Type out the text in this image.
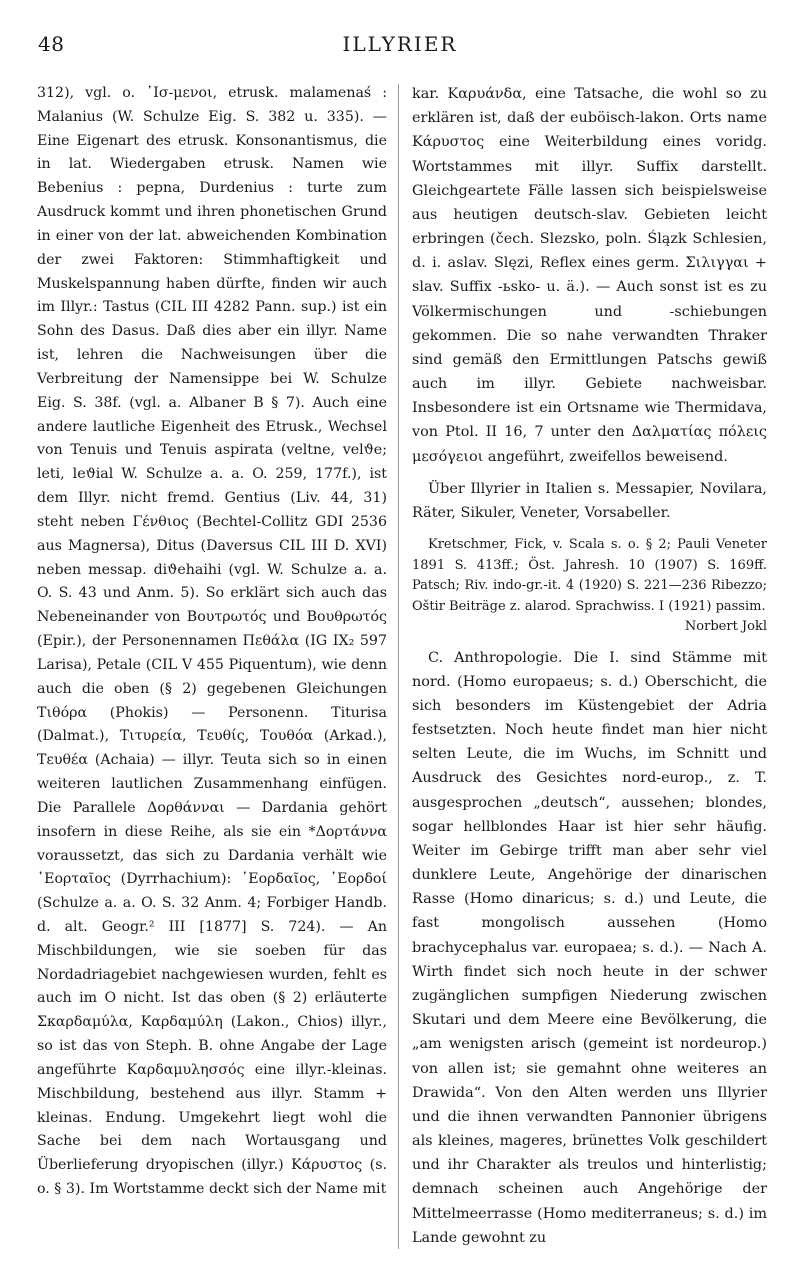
48	ILLYRIER

312), vgl. o. ᾽Ισ-μενοι, etrusk. malamenaś : Malanius (W. Schulze Eig. S. 382 u. 335). — Eine Eigenart des etrusk. Konsonantismus, die in lat. Wiedergaben etrusk. Namen wie Bebenius : pepna, Durdenius : turte zum Ausdruck kommt und ihren phonetischen Grund in einer von der lat. abweichenden Kombination der zwei Faktoren: Stimmhaftigkeit und Muskelspannung haben dürfte, finden wir auch im Illyr.: Tastus (CIL III 4282 Pann. sup.) ist ein Sohn des Dasus. Daß dies aber ein illyr. Name ist, lehren die Nachweisungen über die Verbreitung der Namensippe bei W. Schulze Eig. S. 38f. (vgl. a. Albaner B § 7). Auch eine andere lautliche Eigenheit des Etrusk., Wechsel von Tenuis und Tenuis aspirata (veltne, velϑe; leti, leϑial W. Schulze a. a. O. 259, 177f.), ist dem Illyr. nicht fremd. Gentius (Liv. 44, 31) steht neben Γένθιος (Bechtel-Collitz GDI 2536 aus Magnersa), Ditus (Daversus CIL III D. XVI) neben messap. diϑehaihi (vgl. W. Schulze a. a. O. S. 43 und Anm. 5). So erklärt sich auch das Nebeneinander von Βουτρωτός und Βουθρωτός (Epir.), der Personennamen Πεθάλα (IG IX₂ 597 Larisa), Petale (CIL V 455 Piquentum), wie denn auch die oben (§ 2) gegebenen Gleichungen Τιθόρα (Phokis) — Personenn. Titurisa (Dalmat.), Τιτυρεία, Τευθίς, Τουθόα (Arkad.), Τευθέα (Achaia) — illyr. Teuta sich so in einen weiteren lautlichen Zusammenhang einfügen. Die Parallele Δορθάνναι — Dardania gehört insofern in diese Reihe, als sie ein *Δορτάννα voraussetzt, das sich zu Dardania verhält wie ᾽Εορταῖος (Dyrrhachium): ᾽Εορδαῖος, ᾽Εορδοί (Schulze a. a. O. S. 32 Anm. 4; Forbiger Handb. d. alt. Geogr.² III [1877] S. 724). — An Mischbildungen, wie sie soeben für das Nordadriagebiet nachgewiesen wurden, fehlt es auch im O nicht. Ist das oben (§ 2) erläuterte Σκαρδαμύλα, Καρδαμύλη (Lakon., Chios) illyr., so ist das von Steph. B. ohne Angabe der Lage angeführte Καρδαμυλησσός eine illyr.-kleinas. Mischbildung, bestehend aus illyr. Stamm + kleinas. Endung. Umgekehrt liegt wohl die Sache bei dem nach Wortausgang und Überlieferung dryopischen (illyr.) Κάρυστος (s. o. § 3). Im Wortstamme deckt sich der Name mit

kar. Καρυάνδα, eine Tatsache, die wohl so zu erklären ist, daß der euböisch-lakon. Orts name Κάρυστος eine Weiterbildung eines voridg. Wortstammes mit illyr. Suffix darstellt. Gleichgeartete Fälle lassen sich beispielsweise aus heutigen deutsch-slav. Gebieten leicht erbringen (čech. Slezsko, poln. Ślązk Schlesien, d. i. aslav. Slęzi, Reflex eines germ. Σιλιγγαι + slav. Suffix -ьsko- u. ä.). — Auch sonst ist es zu Völkermischungen und -schiebungen gekommen. Die so nahe verwandten Thraker sind gemäß den Ermittlungen Patschs gewiß auch im illyr. Gebiete nachweisbar. Insbesondere ist ein Ortsname wie Thermidava, von Ptol. II 16, 7 unter den Δαλματίας πόλεις μεσόγειοι angeführt, zweifellos beweisend.

Über Illyrier in Italien s. Messapier, Novilara, Räter, Sikuler, Veneter, Vorsabeller.

Kretschmer, Fick, v. Scala s. o. § 2; Pauli Veneter 1891 S. 413ff.; Öst. Jahresh. 10 (1907) S. 169ff. Patsch; Riv. indo-gr.-it. 4 (1920) S. 221—236 Ribezzo; Oštir Beiträge z. alarod. Sprachwiss. I (1921) passim.

Norbert Jokl

C. Anthropologie. Die I. sind Stämme mit nord. (Homo europaeus; s. d.) Oberschicht, die sich besonders im Küstengebiet der Adria festsetzten. Noch heute findet man hier nicht selten Leute, die im Wuchs, im Schnitt und Ausdruck des Gesichtes nord-europ., z. T. ausgesprochen „deutsch“, aussehen; blondes, sogar hellblondes Haar ist hier sehr häufig. Weiter im Gebirge trifft man aber sehr viel dunklere Leute, Angehörige der dinarischen Rasse (Homo dinaricus; s. d.) und Leute, die fast mongolisch aussehen (Homo brachycephalus var. europaea; s. d.). — Nach A. Wirth findet sich noch heute in der schwer zugänglichen sumpfigen Niederung zwischen Skutari und dem Meere eine Bevölkerung, die „am wenigsten arisch (gemeint ist nordeurop.) von allen ist; sie gemahnt ohne weiteres an Drawida“. Von den Alten werden uns Illyrier und die ihnen verwandten Pannonier übrigens als kleines, mageres, brünettes Volk geschildert und ihr Charakter als treulos und hinterlistig; demnach scheinen auch Angehörige der Mittelmeerrasse (Homo mediterraneus; s. d.) im Lande gewohnt zu
